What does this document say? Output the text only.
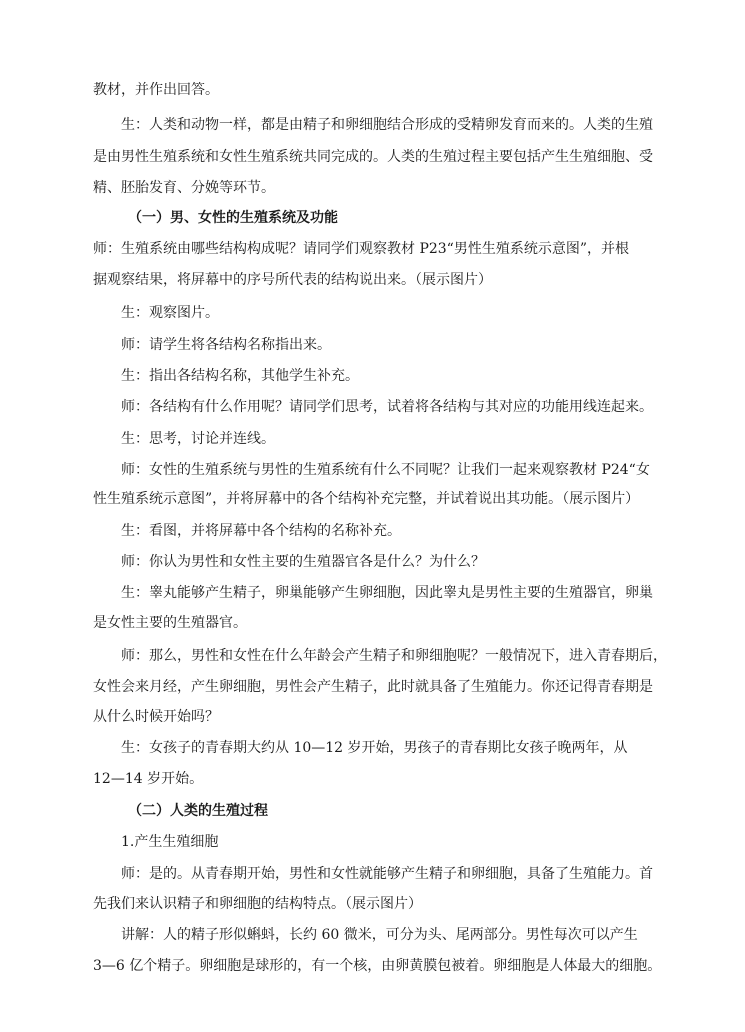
教材，并作出回答。
生：人类和动物一样，都是由精子和卵细胞结合形成的受精卵发育而来的。人类的生殖
是由男性生殖系统和女性生殖系统共同完成的。人类的生殖过程主要包括产生生殖细胞、受
精、胚胎发育、分娩等环节。
（一）男、女性的生殖系统及功能
师：生殖系统由哪些结构构成呢？请同学们观察教材 P23“男性生殖系统示意图”，并根
据观察结果，将屏幕中的序号所代表的结构说出来。（展示图片）
生：观察图片。
师：请学生将各结构名称指出来。
生：指出各结构名称，其他学生补充。
师：各结构有什么作用呢？请同学们思考，试着将各结构与其对应的功能用线连起来。
生：思考，讨论并连线。
师：女性的生殖系统与男性的生殖系统有什么不同呢？让我们一起来观察教材 P24“女
性生殖系统示意图”，并将屏幕中的各个结构补充完整，并试着说出其功能。（展示图片）
生：看图，并将屏幕中各个结构的名称补充。
师：你认为男性和女性主要的生殖器官各是什么？为什么？
生：睾丸能够产生精子，卵巢能够产生卵细胞，因此睾丸是男性主要的生殖器官，卵巢
是女性主要的生殖器官。
师：那么，男性和女性在什么年龄会产生精子和卵细胞呢？一般情况下，进入青春期后，
女性会来月经，产生卵细胞，男性会产生精子，此时就具备了生殖能力。你还记得青春期是
从什么时候开始吗？
生：女孩子的青春期大约从 10—12 岁开始，男孩子的青春期比女孩子晚两年，从
12—14 岁开始。
（二）人类的生殖过程
1.产生生殖细胞
师：是的。从青春期开始，男性和女性就能够产生精子和卵细胞，具备了生殖能力。首
先我们来认识精子和卵细胞的结构特点。（展示图片）
讲解：人的精子形似蝌蚪，长约 60 微米，可分为头、尾两部分。男性每次可以产生
3—6 亿个精子。卵细胞是球形的，有一个核，由卵黄膜包被着。卵细胞是人体最大的细胞。
